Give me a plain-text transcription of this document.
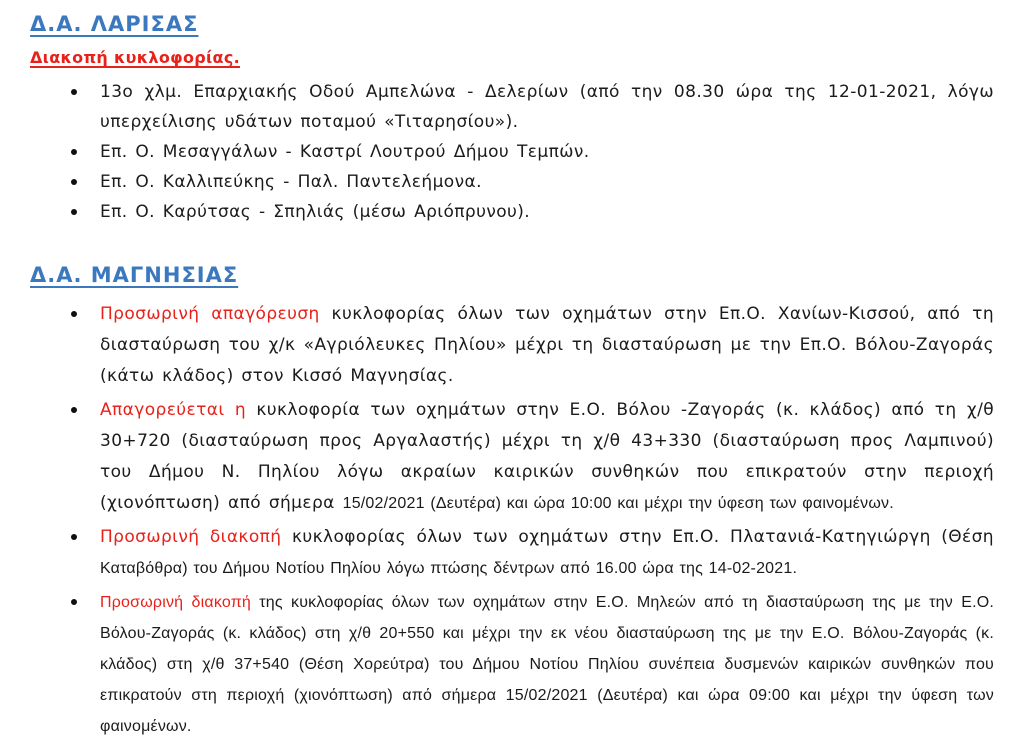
Δ.Α. ΛΑΡΙΣΑΣ
Διακοπή κυκλοφορίας.
13ο χλμ. Επαρχιακής Οδού Αμπελώνα - Δελερίων (από την 08.30 ώρα της 12-01-2021, λόγω υπερχείλισης υδάτων ποταμού «Τιταρησίου»).
Επ. Ο. Μεσαγγάλων - Καστρί Λουτρού Δήμου Τεμπών.
Επ. Ο. Καλλιπεύκης - Παλ. Παντελεήμονα.
Επ. Ο. Καρύτσας - Σπηλιάς (μέσω Αριόπρυνου).
Δ.Α. ΜΑΓΝΗΣΙΑΣ
Προσωρινή απαγόρευση κυκλοφορίας όλων των οχημάτων στην Επ.Ο. Χανίων-Κισσού, από τη διασταύρωση του χ/κ «Αγριόλευκες Πηλίου» μέχρι τη διασταύρωση με την Επ.Ο. Βόλου-Ζαγοράς (κάτω κλάδος) στον Κισσό Μαγνησίας.
Απαγορεύεται η κυκλοφορία των οχημάτων στην Ε.Ο. Βόλου -Ζαγοράς (κ. κλάδος) από τη χ/θ 30+720 (διασταύρωση προς Αργαλαστής) μέχρι τη χ/θ 43+330 (διασταύρωση προς Λαμπινού) του Δήμου Ν. Πηλίου λόγω ακραίων καιρικών συνθηκών που επικρατούν στην περιοχή (χιονόπτωση) από σήμερα 15/02/2021 (Δευτέρα) και ώρα 10:00 και μέχρι την ύφεση των φαινομένων.
Προσωρινή διακοπή κυκλοφορίας όλων των οχημάτων στην Επ.Ο. Πλατανιά-Κατηγιώργη (Θέση Καταβόθρα) του Δήμου Νοτίου Πηλίου λόγω πτώσης δέντρων από 16.00 ώρα της 14-02-2021.
Προσωρινή διακοπή της κυκλοφορίας όλων των οχημάτων στην Ε.Ο. Μηλεών από τη διασταύρωση της με την Ε.Ο. Βόλου-Ζαγοράς (κ. κλάδος) στη χ/θ 20+550 και μέχρι την εκ νέου διασταύρωση της με την Ε.Ο. Βόλου-Ζαγοράς (κ. κλάδος) στη χ/θ 37+540 (Θέση Χορεύτρα) του Δήμου Νοτίου Πηλίου συνέπεια δυσμενών καιρικών συνθηκών που επικρατούν στη περιοχή (χιονόπτωση) από σήμερα 15/02/2021 (Δευτέρα) και ώρα 09:00 και μέχρι την ύφεση των φαινομένων.
